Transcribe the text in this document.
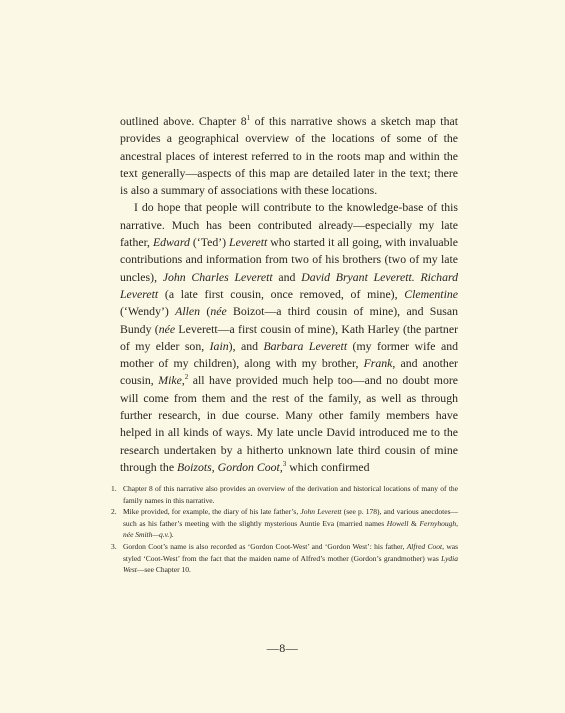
outlined above. Chapter $8^1$ of this narrative shows a sketch map that provides a geographical overview of the locations of some of the ancestral places of interest referred to in the roots map and within the text generally—aspects of this map are detailed later in the text; there is also a summary of associations with these locations.

I do hope that people will contribute to the knowledge-base of this narrative. Much has been contributed already—especially my late father, Edward (‘Ted’) Leverett who started it all going, with invaluable contributions and information from two of his brothers (two of my late uncles), John Charles Leverett and David Bryant Leverett. Richard Leverett (a late first cousin, once removed, of mine), Clementine (‘Wendy’) Allen (née Boizot—a third cousin of mine), and Susan Bundy (née Leverett—a first cousin of mine), Kath Harley (the partner of my elder son, Iain), and Barbara Leverett (my former wife and mother of my children), along with my brother, Frank, and another cousin, Mike,$^2$ all have provided much help too—and no doubt more will come from them and the rest of the family, as well as through further research, in due course. Many other family members have helped in all kinds of ways. My late uncle David introduced me to the research undertaken by a hitherto unknown late third cousin of mine through the Boizots, Gordon Coot,$^3$ which confirmed

1. Chapter 8 of this narrative also provides an overview of the derivation and historical locations of many of the family names in this narrative.
2. Mike provided, for example, the diary of his late father’s, John Leverett (see p. 178), and various anecdotes—such as his father’s meeting with the slightly mysterious Auntie Eva (married names Howell & Fernyhough, née Smith—q.v.).
3. Gordon Coot’s name is also recorded as ‘Gordon Coot-West’ and ‘Gordon West’: his father, Alfred Coot, was styled ‘Coot-West’ from the fact that the maiden name of Alfred’s mother (Gordon’s grandmother) was Lydia West—see Chapter 10.
—8—
